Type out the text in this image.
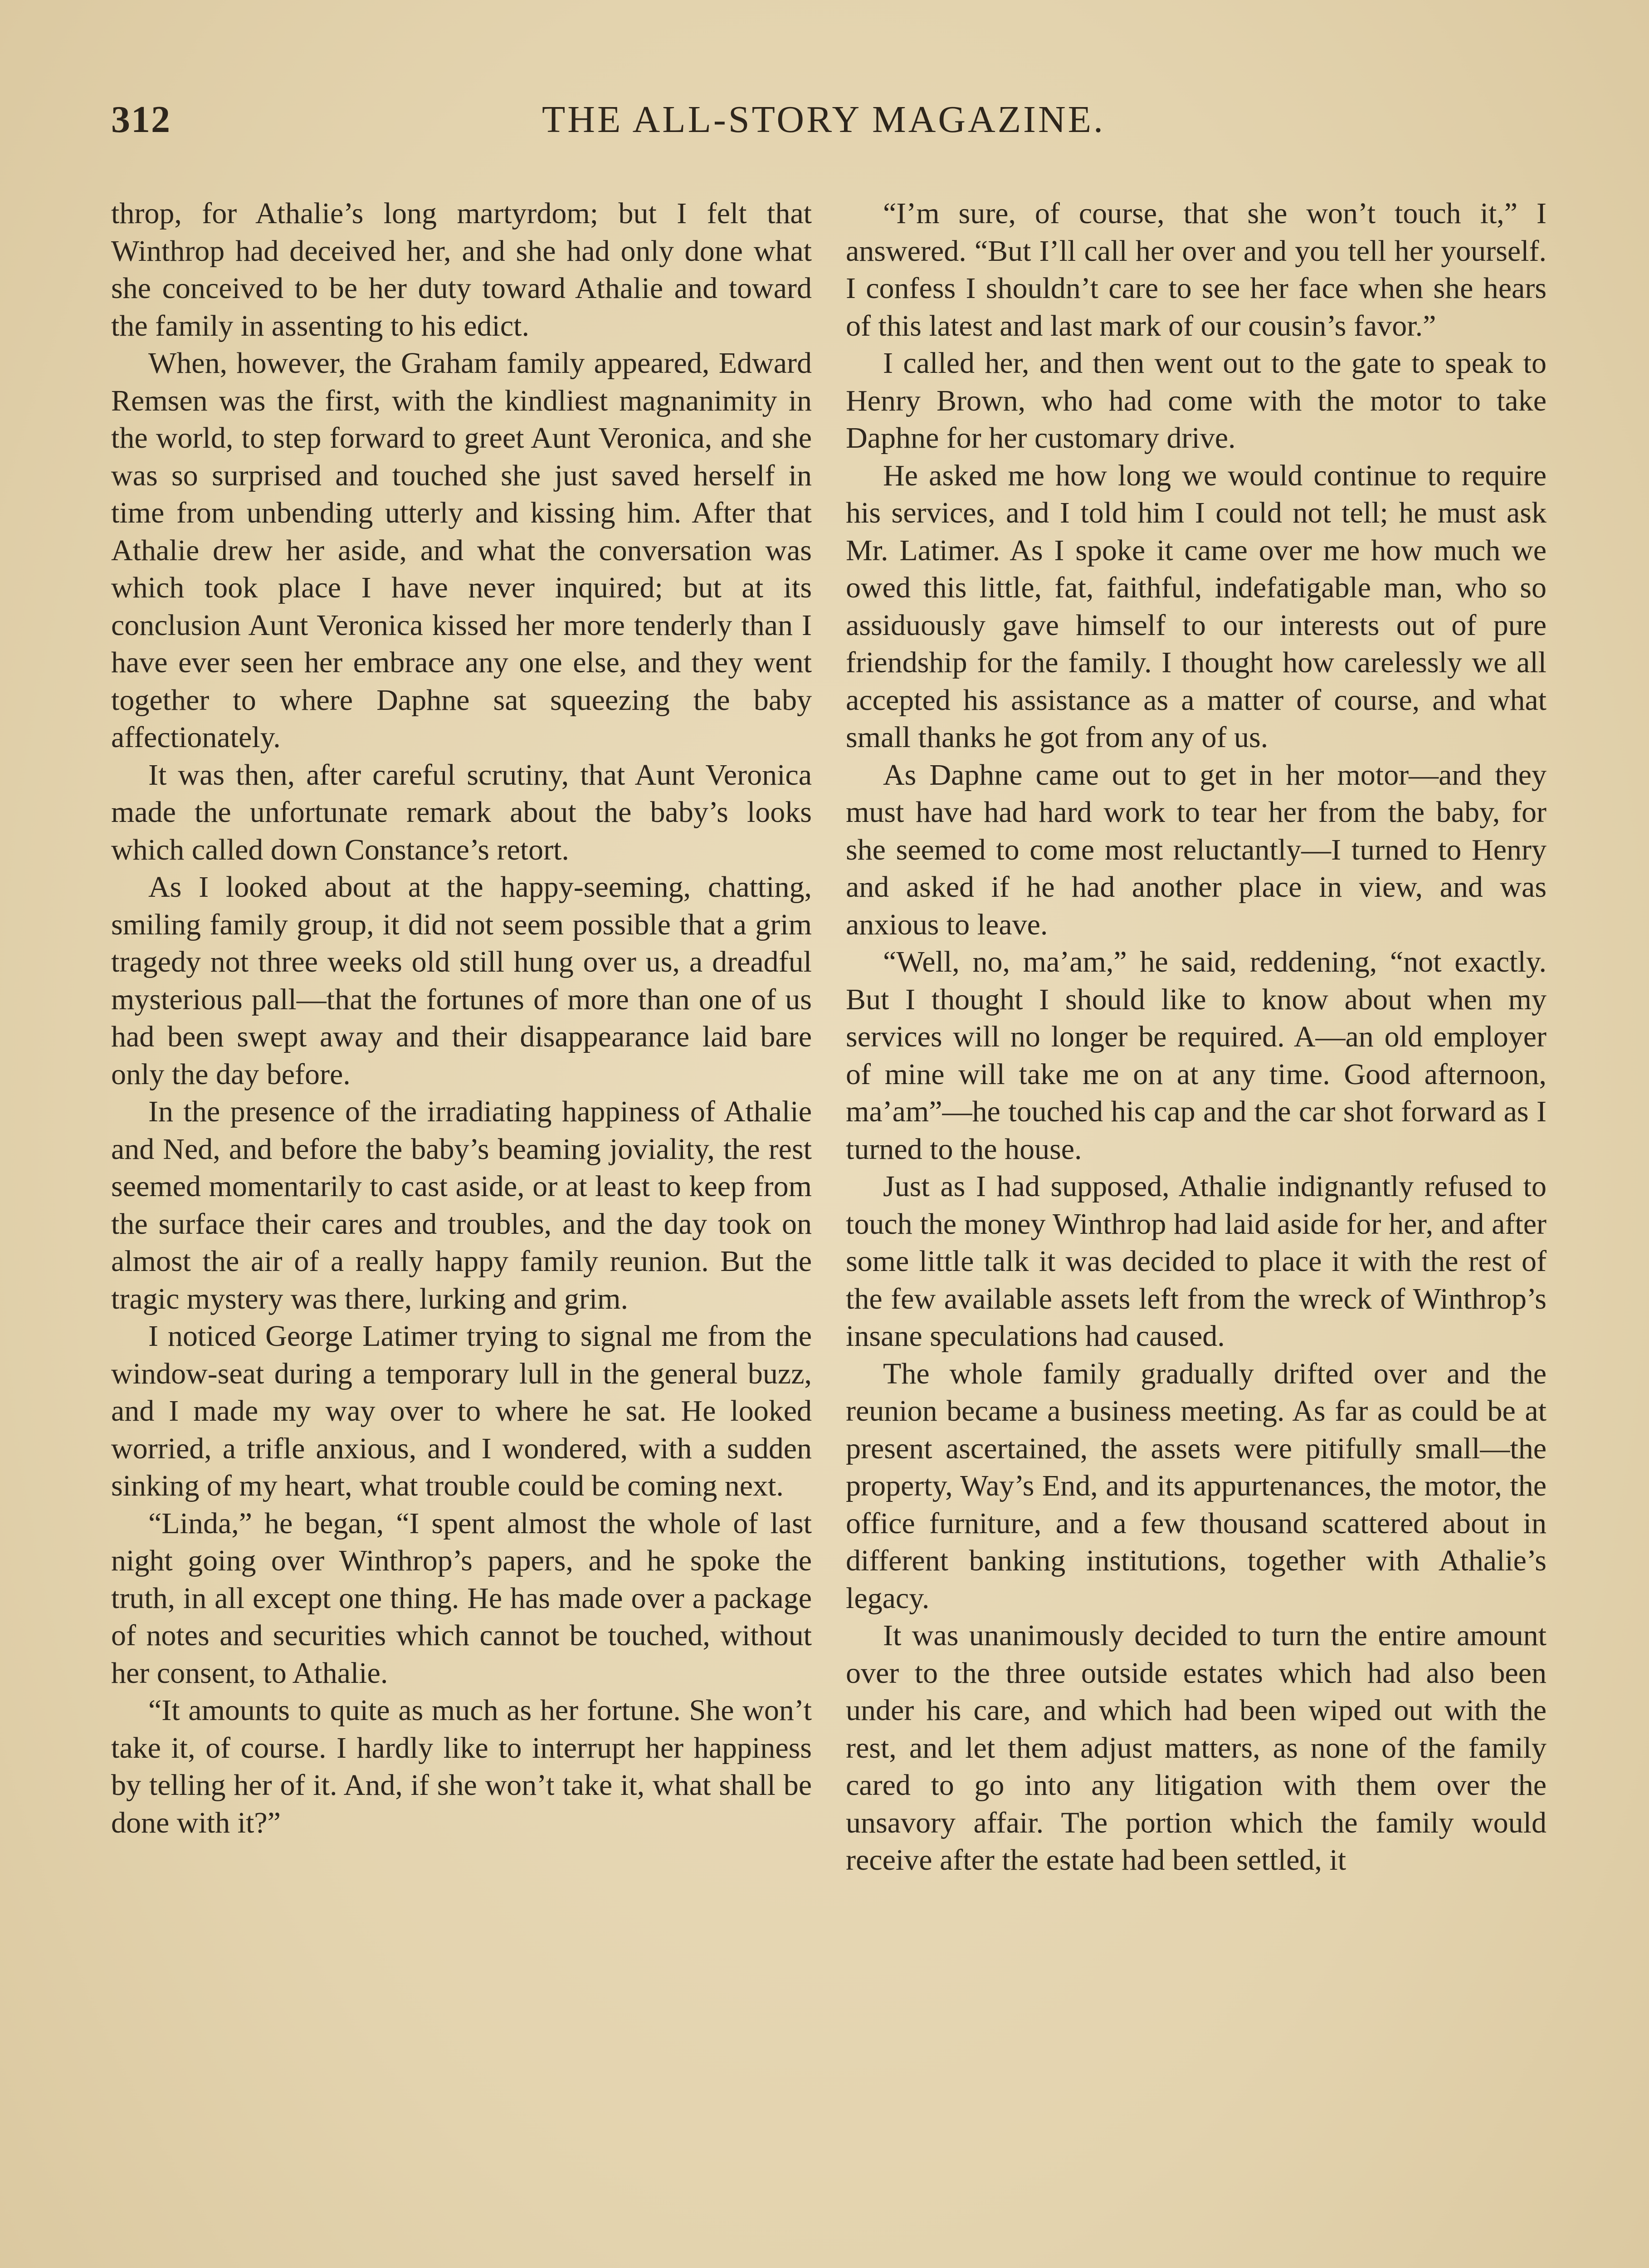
312	THE ALL-STORY MAGAZINE.

throp, for Athalie’s long martyrdom; but I felt that Winthrop had deceived her, and she had only done what she conceived to be her duty toward Athalie and toward the family in assenting to his edict.

When, however, the Graham family appeared, Edward Remsen was the first, with the kindliest magnanimity in the world, to step forward to greet Aunt Veronica, and she was so surprised and touched she just saved herself in time from unbending utterly and kissing him. After that Athalie drew her aside, and what the conversation was which took place I have never inquired; but at its conclusion Aunt Veronica kissed her more tenderly than I have ever seen her embrace any one else, and they went together to where Daphne sat squeezing the baby affectionately.

It was then, after careful scrutiny, that Aunt Veronica made the unfortunate remark about the baby’s looks which called down Constance’s retort.

As I looked about at the happy-seeming, chatting, smiling family group, it did not seem possible that a grim tragedy not three weeks old still hung over us, a dreadful mysterious pall—that the fortunes of more than one of us had been swept away and their disappearance laid bare only the day before.

In the presence of the irradiating happiness of Athalie and Ned, and before the baby’s beaming joviality, the rest seemed momentarily to cast aside, or at least to keep from the surface their cares and troubles, and the day took on almost the air of a really happy family reunion. But the tragic mystery was there, lurking and grim.

I noticed George Latimer trying to signal me from the window-seat during a temporary lull in the general buzz, and I made my way over to where he sat. He looked worried, a trifle anxious, and I wondered, with a sudden sinking of my heart, what trouble could be coming next.

“Linda,” he began, “I spent almost the whole of last night going over Winthrop’s papers, and he spoke the truth, in all except one thing. He has made over a package of notes and securities which cannot be touched, without her consent, to Athalie.

“It amounts to quite as much as her fortune. She won’t take it, of course. I hardly like to interrupt her happiness by telling her of it. And, if she won’t take it, what shall be done with it?”

“I’m sure, of course, that she won’t touch it,” I answered. “But I’ll call her over and you tell her yourself. I confess I shouldn’t care to see her face when she hears of this latest and last mark of our cousin’s favor.”

I called her, and then went out to the gate to speak to Henry Brown, who had come with the motor to take Daphne for her customary drive.

He asked me how long we would continue to require his services, and I told him I could not tell; he must ask Mr. Latimer. As I spoke it came over me how much we owed this little, fat, faithful, indefatigable man, who so assiduously gave himself to our interests out of pure friendship for the family. I thought how carelessly we all accepted his assistance as a matter of course, and what small thanks he got from any of us.

As Daphne came out to get in her motor—and they must have had hard work to tear her from the baby, for she seemed to come most reluctantly—I turned to Henry and asked if he had another place in view, and was anxious to leave.

“Well, no, ma’am,” he said, reddening, “not exactly. But I thought I should like to know about when my services will no longer be required. A—an old employer of mine will take me on at any time. Good afternoon, ma’am”—he touched his cap and the car shot forward as I turned to the house.

Just as I had supposed, Athalie indignantly refused to touch the money Winthrop had laid aside for her, and after some little talk it was decided to place it with the rest of the few available assets left from the wreck of Winthrop’s insane speculations had caused.

The whole family gradually drifted over and the reunion became a business meeting. As far as could be at present ascertained, the assets were pitifully small—the property, Way’s End, and its appurtenances, the motor, the office furniture, and a few thousand scattered about in different banking institutions, together with Athalie’s legacy.

It was unanimously decided to turn the entire amount over to the three outside estates which had also been under his care, and which had been wiped out with the rest, and let them adjust matters, as none of the family cared to go into any litigation with them over the unsavory affair. The portion which the family would receive after the estate had been settled, it
